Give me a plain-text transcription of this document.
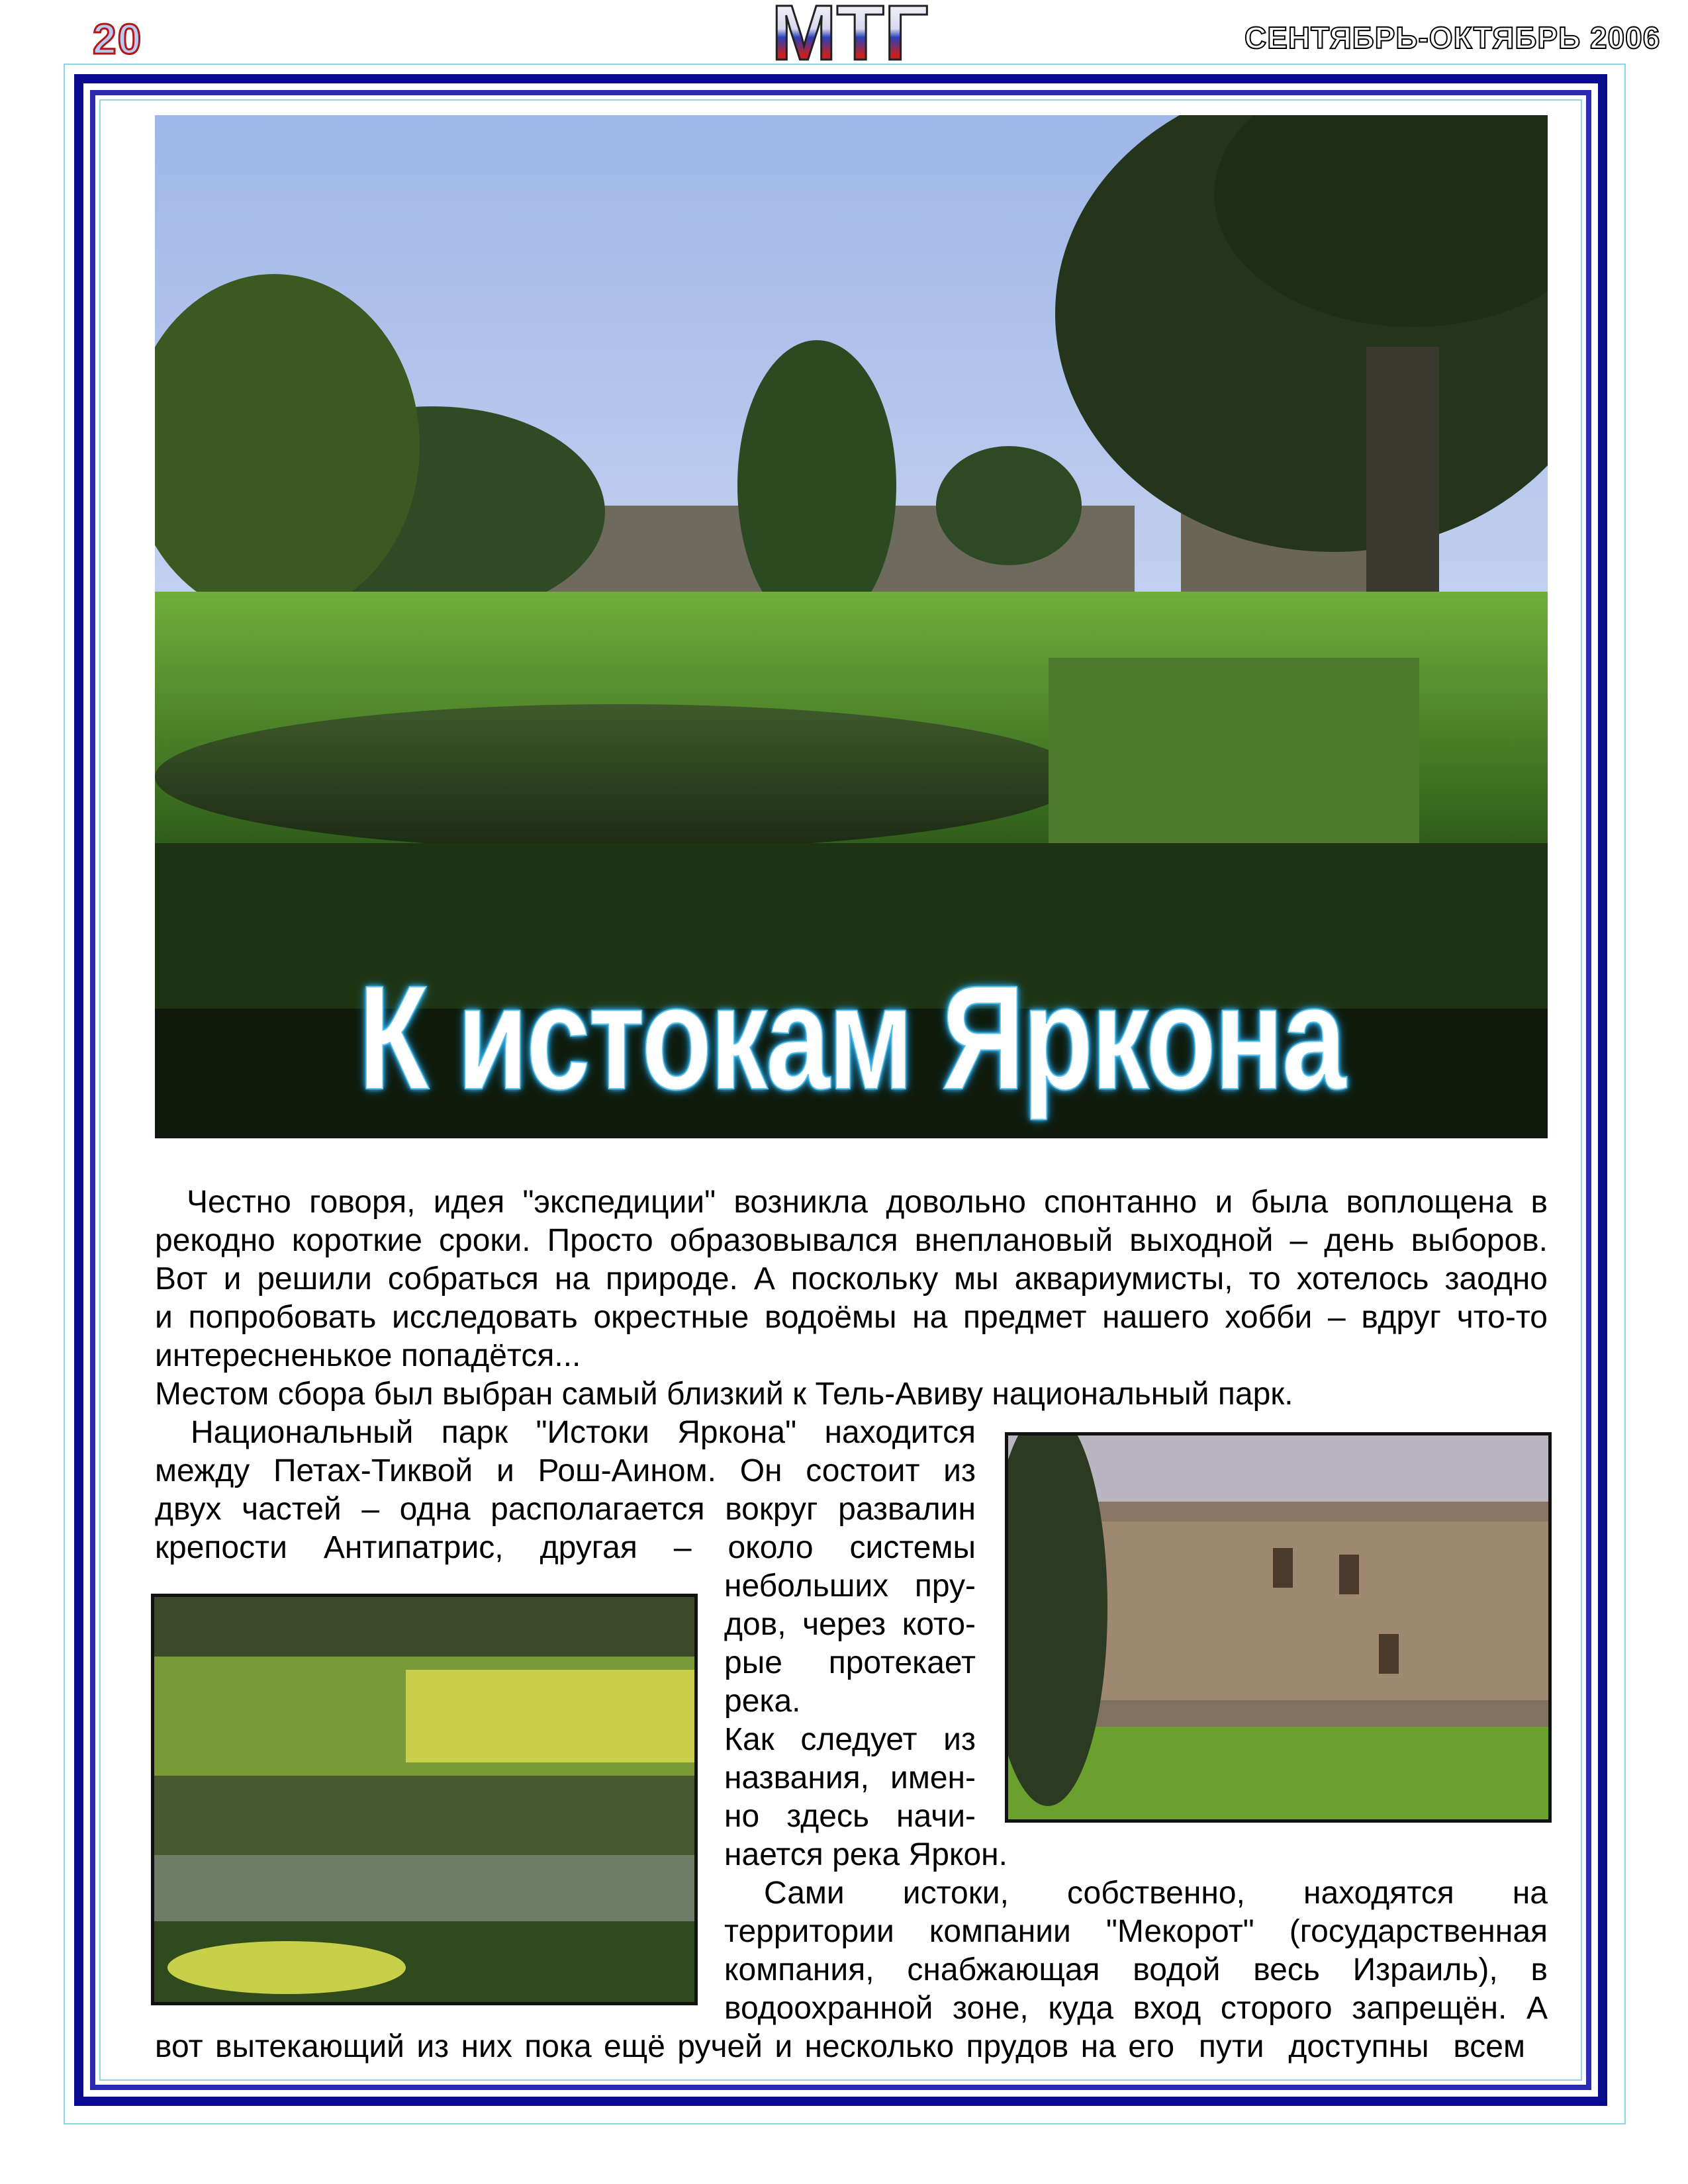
20	МТГ	СЕНТЯБРЬ-ОКТЯБРЬ 2006
К истокам Яркона
Честно говоря, идея "экспедиции" возникла довольно спонтанно и была воплощена в
рекодно короткие сроки. Просто образовывался внеплановый выходной – день выборов.
Вот и решили собраться на природе. А поскольку мы аквариумисты, то хотелось заодно
и попробовать исследовать окрестные водоёмы на предмет нашего хобби – вдруг что-то
интересненькое попадётся...
Местом сбора был выбран самый близкий к Тель-Авиву национальный парк.
Национальный парк "Истоки Яркона" находится
между Петах-Тиквой и Рош-Аином. Он состоит из
двух частей – одна располагается вокруг развалин
крепости Антипатрис, другая – около системы
небольших пру-
дов, через кото-
рые протекает
река.
Как следует из
названия, имен-
но здесь начи-
нается река Яркон.
Сами истоки, собственно, находятся на
территории компании "Мекорот" (государственная
компания, снабжающая водой весь Израиль), в
водоохранной зоне, куда вход сторого запрещён. А
вот вытекающий из них пока ещё ручей и несколько прудов на его  пути  доступны  всем
